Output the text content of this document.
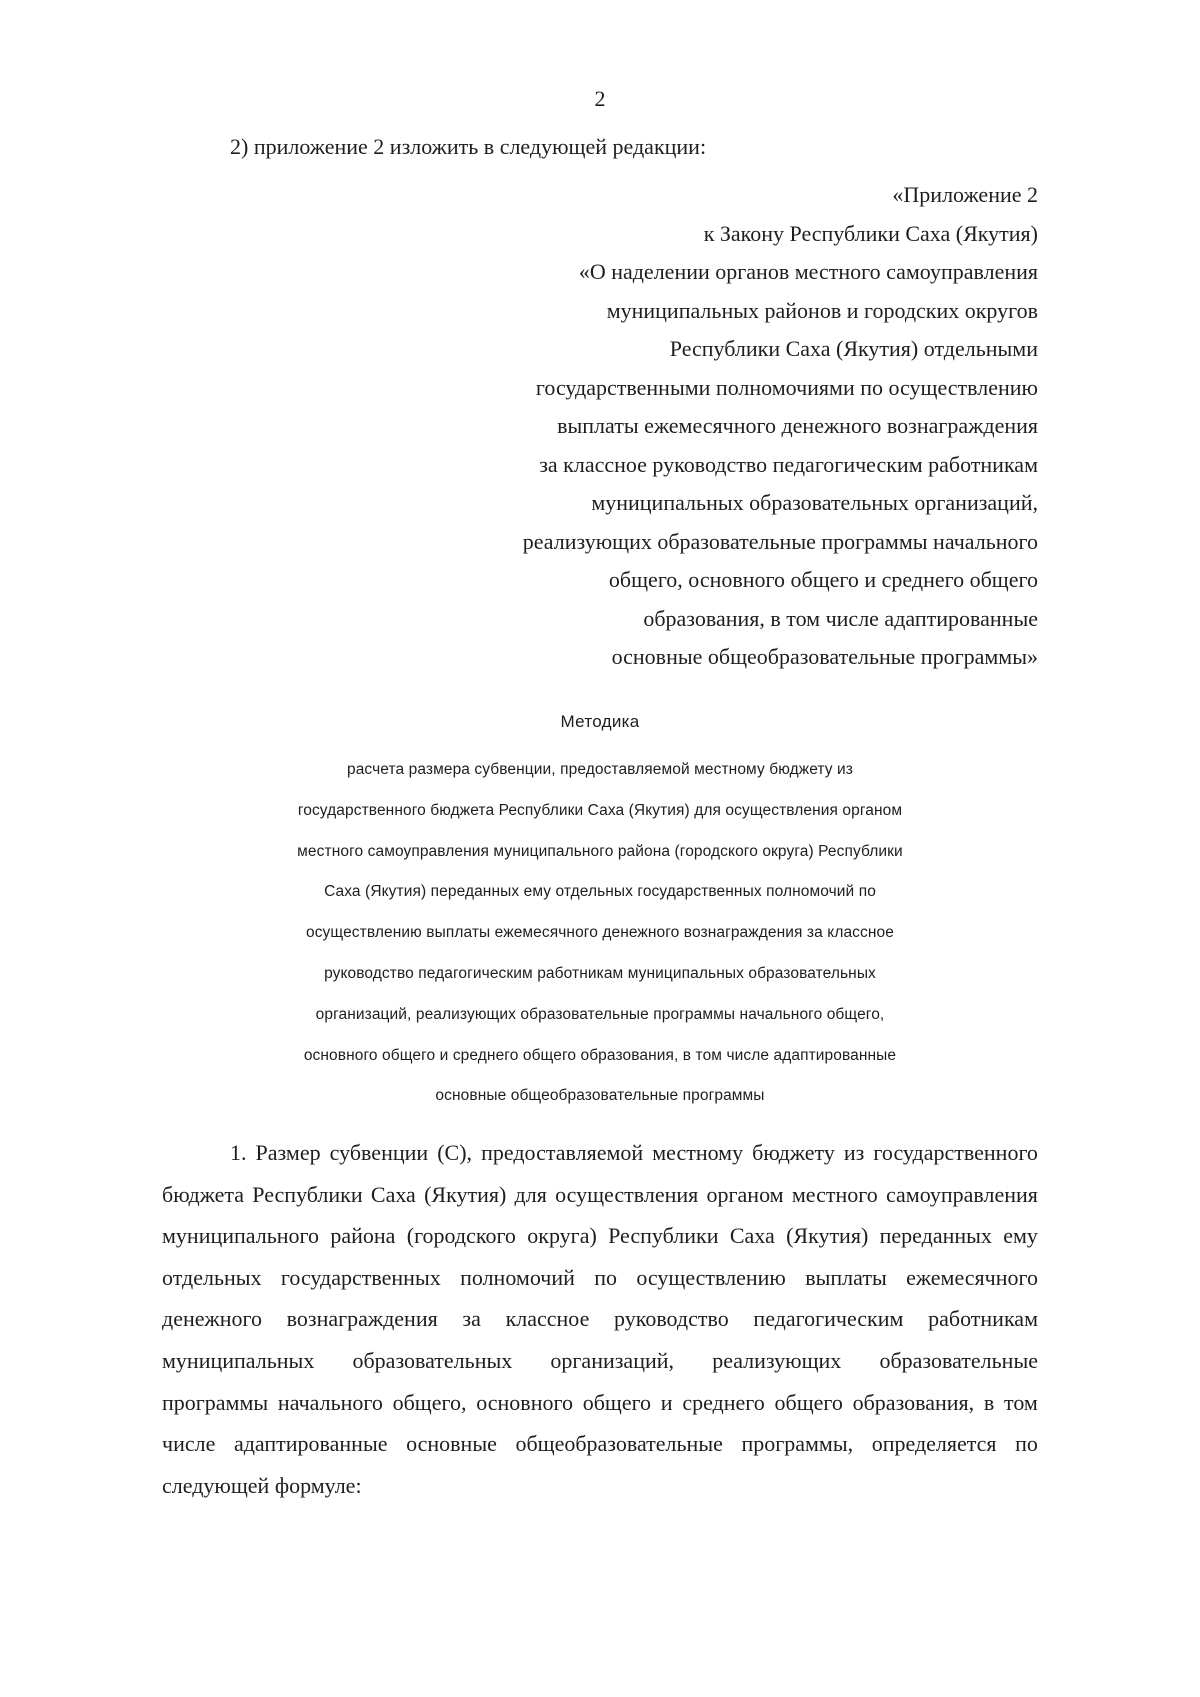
2
2) приложение 2 изложить в следующей редакции:
«Приложение 2
к Закону Республики Саха (Якутия)
«О наделении органов местного самоуправления
муниципальных районов и городских округов
Республики Саха (Якутия) отдельными
государственными полномочиями по осуществлению
выплаты ежемесячного денежного вознаграждения
за классное руководство педагогическим работникам
муниципальных образовательных организаций,
реализующих образовательные программы начального
общего, основного общего и среднего общего
образования, в том числе адаптированные
основные общеобразовательные программы»
Методика
расчета размера субвенции, предоставляемой местному бюджету из
государственного бюджета Республики Саха (Якутия) для осуществления органом
местного самоуправления муниципального района (городского округа) Республики
Саха (Якутия) переданных ему отдельных государственных полномочий по
осуществлению выплаты ежемесячного денежного вознаграждения за классное
руководство педагогическим работникам муниципальных образовательных
организаций, реализующих образовательные программы начального общего,
основного общего и среднего общего образования, в том числе адаптированные
основные общеобразовательные программы
1. Размер субвенции (С), предоставляемой местному бюджету из государственного
бюджета Республики Саха (Якутия) для осуществления органом местного самоуправления
муниципального района (городского округа) Республики Саха (Якутия) переданных ему
отдельных государственных полномочий по осуществлению выплаты ежемесячного
денежного вознаграждения за классное руководство педагогическим работникам
муниципальных образовательных организаций, реализующих образовательные
программы начального общего, основного общего и среднего общего образования, в том
числе адаптированные основные общеобразовательные программы, определяется по
следующей формуле:
